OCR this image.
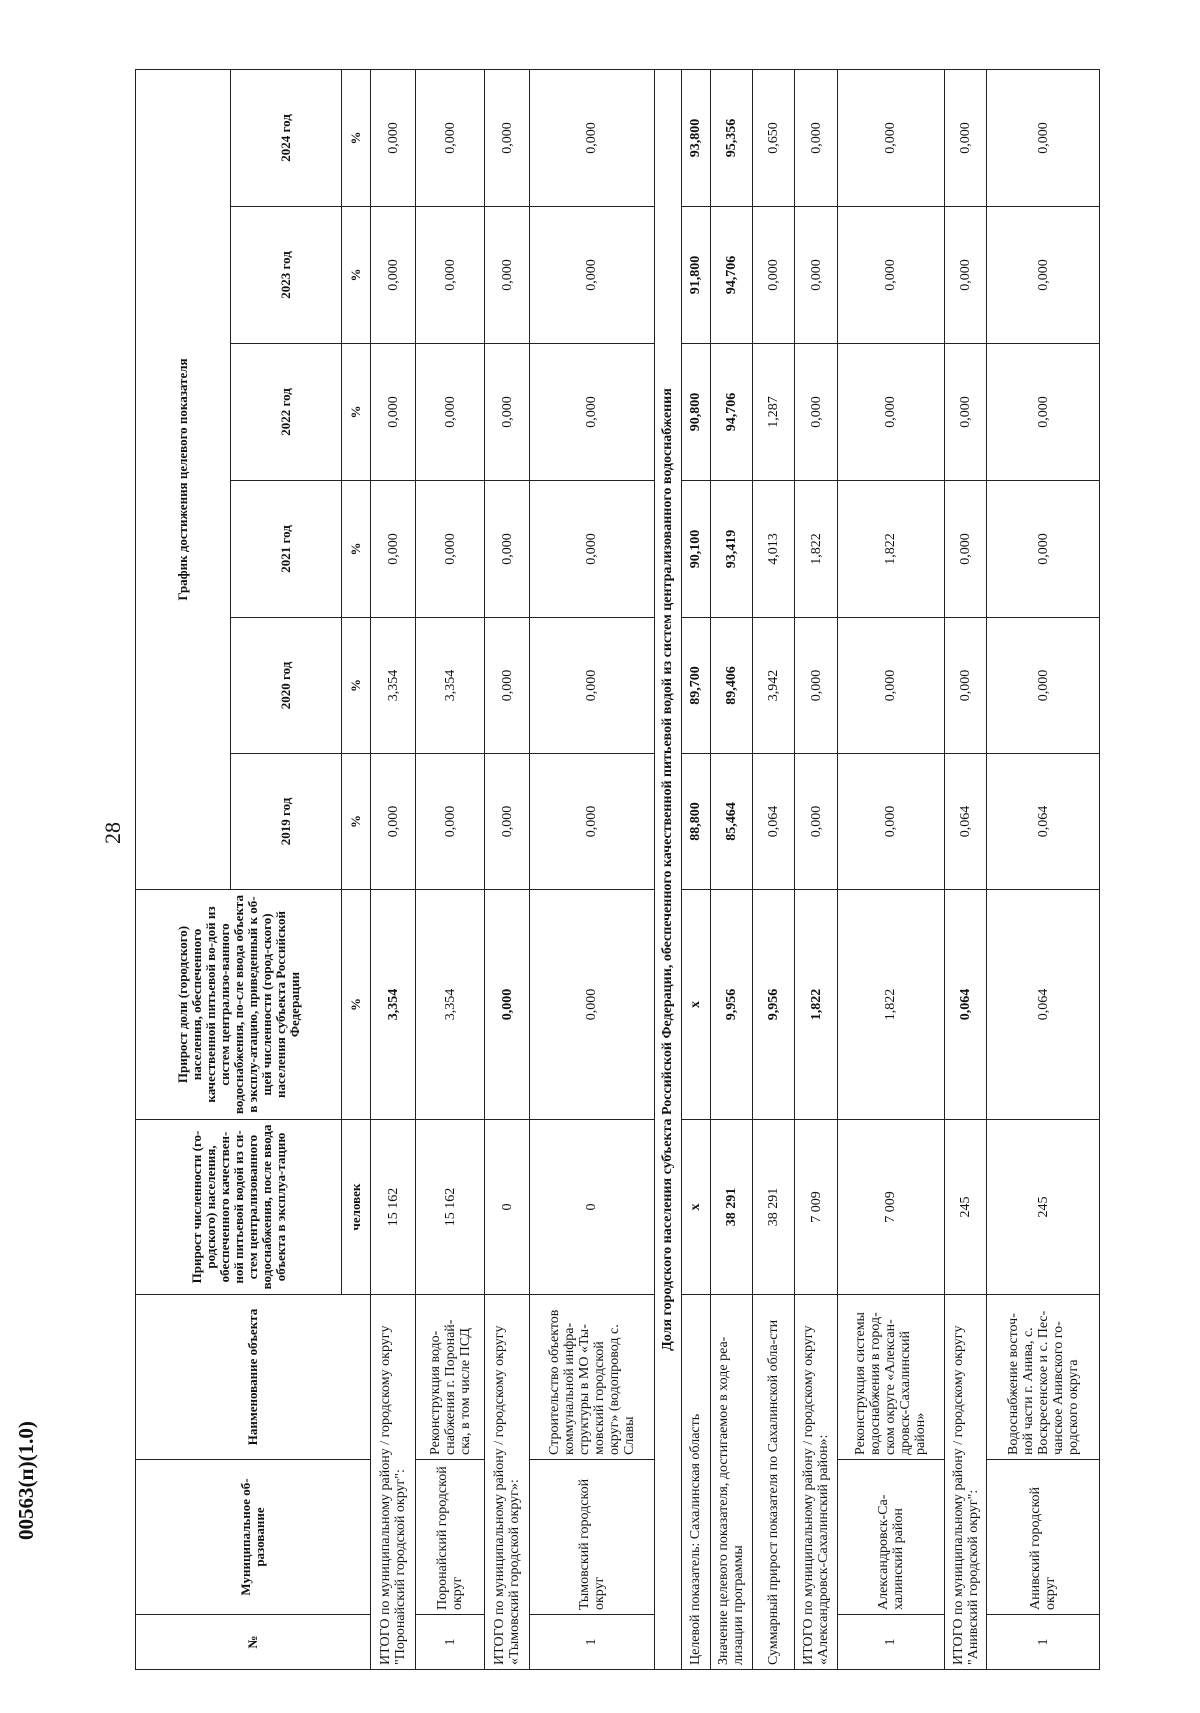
28
00563(п)(1.0)
№	Муниципальное об-разование	Наименование объекта	Прирост численности (го-родского) населения, обеспеченного качествен-ной питьевой водой из си-стем централизованного водоснабжения, после ввода объекта в эксплуа-тацию	Прирост доли (городского) населения, обеспеченного качественной питьевой во-дой из систем централизо-ванного водоснабжения, по-сле ввода объекта в эксплу-атацию, приведенный к об-щей численности (город-ского) населения субъекта Российской Федерации	График достижения целевого показателя					
					2019 год	2020 год	2021 год	2022 год	2023 год	2024 год
			человек	%	%	%	%	%	%	%
ИТОГО по муниципальному району / городскому округу "Поронайский городской округ":			15 162	3,354	0,000	3,354	0,000	0,000	0,000	0,000
1	Поронайский городской округ	Реконструкция водо-снабжения г. Поронай-ска, в том числе ПСД	15 162	3,354	0,000	3,354	0,000	0,000	0,000	0,000
ИТОГО по муниципальному району / городскому округу «Тымовский городской округ»:			0	0,000	0,000	0,000	0,000	0,000	0,000	0,000
1	Тымовский городской округ	Строительство объектов коммунальной инфра-структуры в МО «Ты-мовский городской округ» (водопровод с. Славы	0	0,000	0,000	0,000	0,000	0,000	0,000	0,000
Доля городского населения субъекта Российской Федерации, обеспеченного качественной питьевой водой из систем централизованного водоснабжения										
Целевой показатель: Сахалинская область			x	x	88,800	89,700	90,100	90,800	91,800	93,800
Значение целевого показателя, достигаемое в ходе реа-лизации программы			38 291	9,956	85,464	89,406	93,419	94,706	94,706	95,356
Суммарный прирост показателя по Сахалинской обла-сти			38 291	9,956	0,064	3,942	4,013	1,287	0,000	0,650
ИТОГО по муниципальному району / городскому округу «Александровск-Сахалинский район»:			7 009	1,822	0,000	0,000	1,822	0,000	0,000	0,000
1	Александровск-Са-халинский район	Реконструкция системы водоснабжения в город-ском округе «Алексан-дровск-Сахалинский район»	7 009	1,822	0,000	0,000	1,822	0,000	0,000	0,000
ИТОГО по муниципальному району / городскому округу "Анивский городской округ":			245	0,064	0,064	0,000	0,000	0,000	0,000	0,000
1	Анивский городской округ	Водоснабжение восточ-ной части г. Анива, с. Воскресенское и с. Пес-чанское Анивского го-родского округа	245	0,064	0,064	0,000	0,000	0,000	0,000	0,000
